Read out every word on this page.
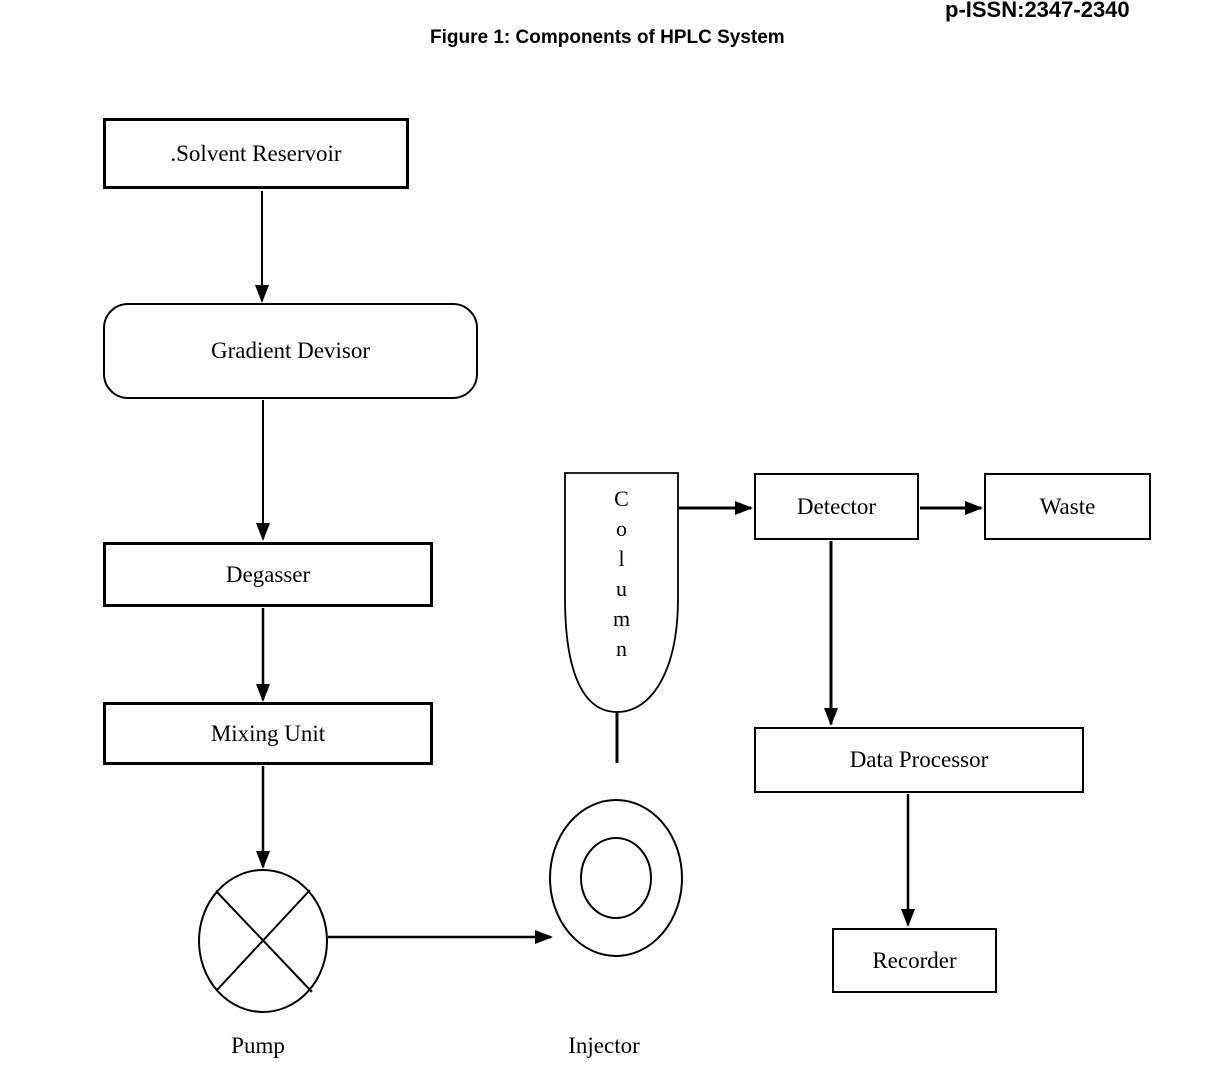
p-ISSN:2347-2340
Figure 1: Components of HPLC System
.Solvent Reservoir
Gradient Devisor
Degasser
Mixing Unit
Detector	Waste
Data Processor
Recorder
C
o
l
u
m
n
Pump	Injector
